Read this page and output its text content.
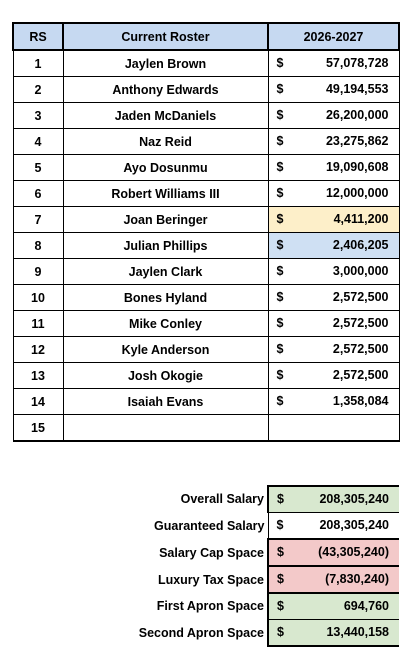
RS	Current Roster	2026-2027
1	Jaylen Brown	$ 57,078,728

2	Anthony Edwards	$ 49,194,553

3	Jaden McDaniels	$ 26,200,000

4	Naz Reid	$ 23,275,862

5	Ayo Dosunmu	$ 19,090,608

6	Robert Williams III	$ 12,000,000

7	Joan Beringer	$ 4,411,200

8	Julian Phillips	$ 2,406,205

9	Jaylen Clark	$ 3,000,000

10	Bones Hyland	$ 2,572,500

11	Mike Conley	$ 2,572,500

12	Kyle Anderson	$ 2,572,500

13	Josh Okogie	$ 2,572,500

14	Isaiah Evans	$ 1,358,084

15		
Overall Salary	$ 208,305,240

Guaranteed Salary	$ 208,305,240

Salary Cap Space	$ (43,305,240)

Luxury Tax Space	$ (7,830,240)

First Apron Space	$ 694,760

Second Apron Space	$ 13,440,158
